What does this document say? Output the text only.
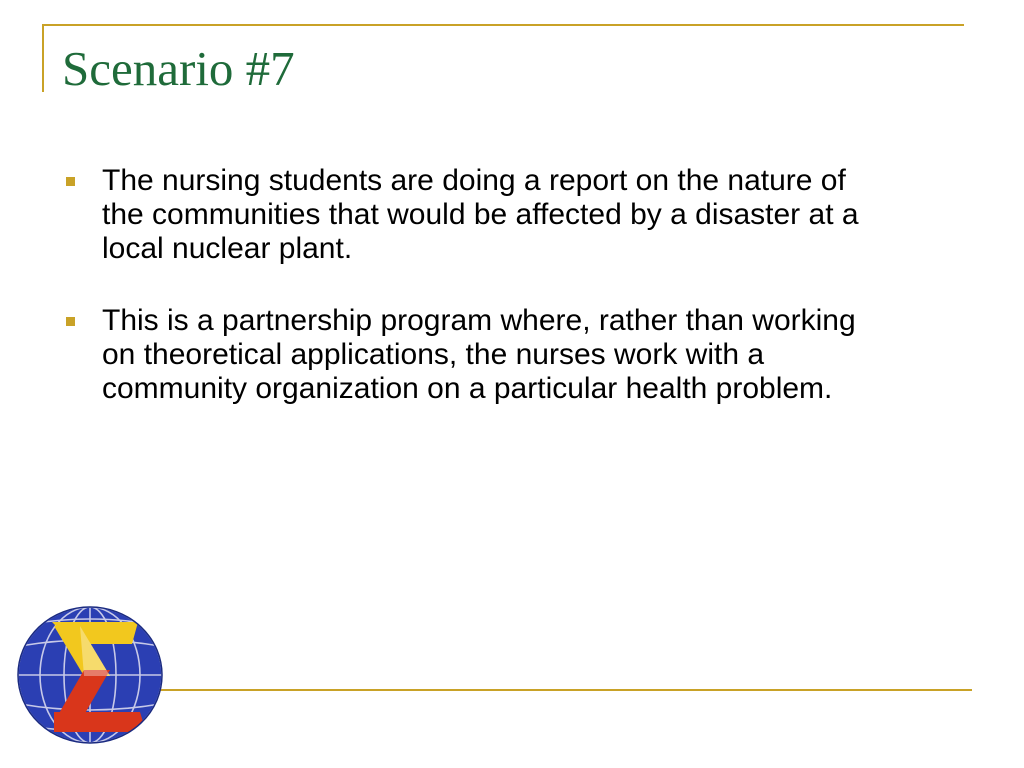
Scenario #7
The nursing students are doing a report on the nature of the communities that would be affected by a disaster at a local nuclear plant.
This is a partnership program where, rather than working on theoretical applications, the nurses work with a community organization on a particular health problem.
